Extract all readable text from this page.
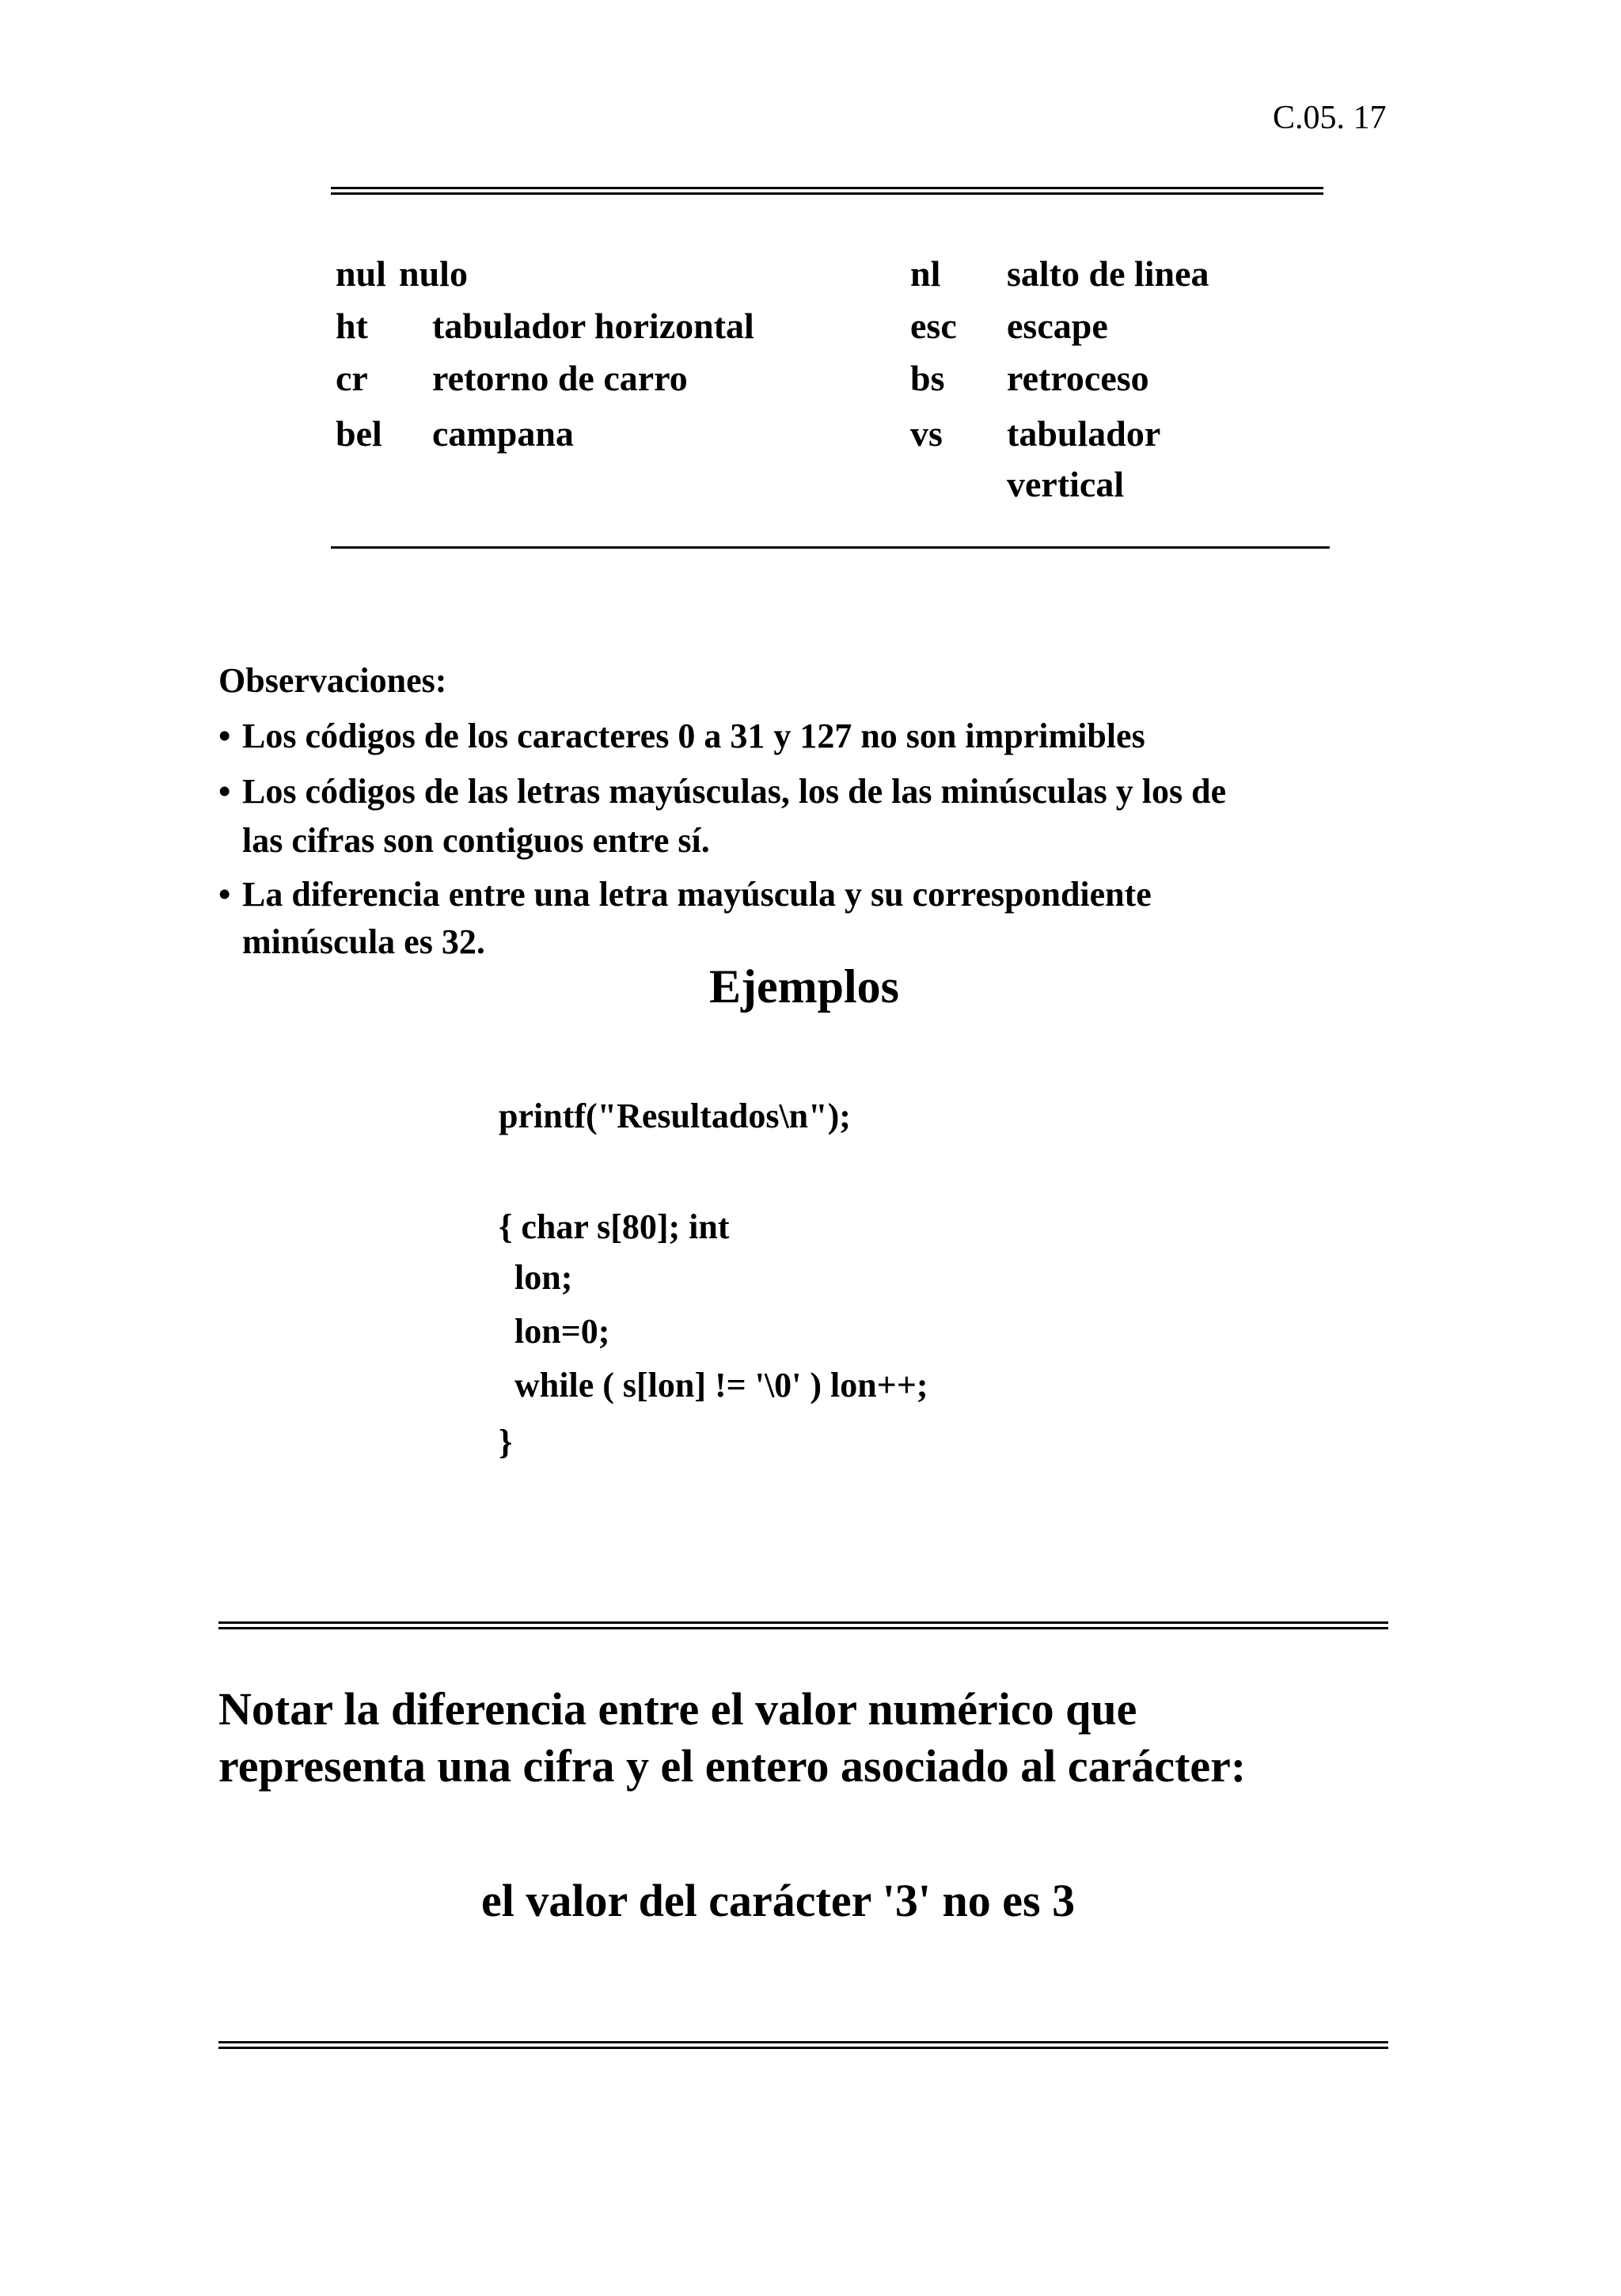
C.05. 17
nul nulo	nl salto de linea
ht tabulador horizontal	esc escape
cr retorno de carro	bs retroceso
bel campana	vs tabulador
vertical
Observaciones:
• Los códigos de los caracteres 0 a 31 y 127 no son imprimibles
• Los códigos de las letras mayúsculas, los de las minúsculas y los de
las cifras son contiguos entre sí.
• La diferencia entre una letra mayúscula y su correspondiente
minúscula es 32.
Ejemplos
printf("Resultados\n");
{ char s[80]; int
lon;
lon=0;
while ( s[lon] != '\0' ) lon++;
}
Notar la diferencia entre el valor numérico que
representa una cifra y el entero asociado al carácter:
el valor del carácter '3' no es 3
